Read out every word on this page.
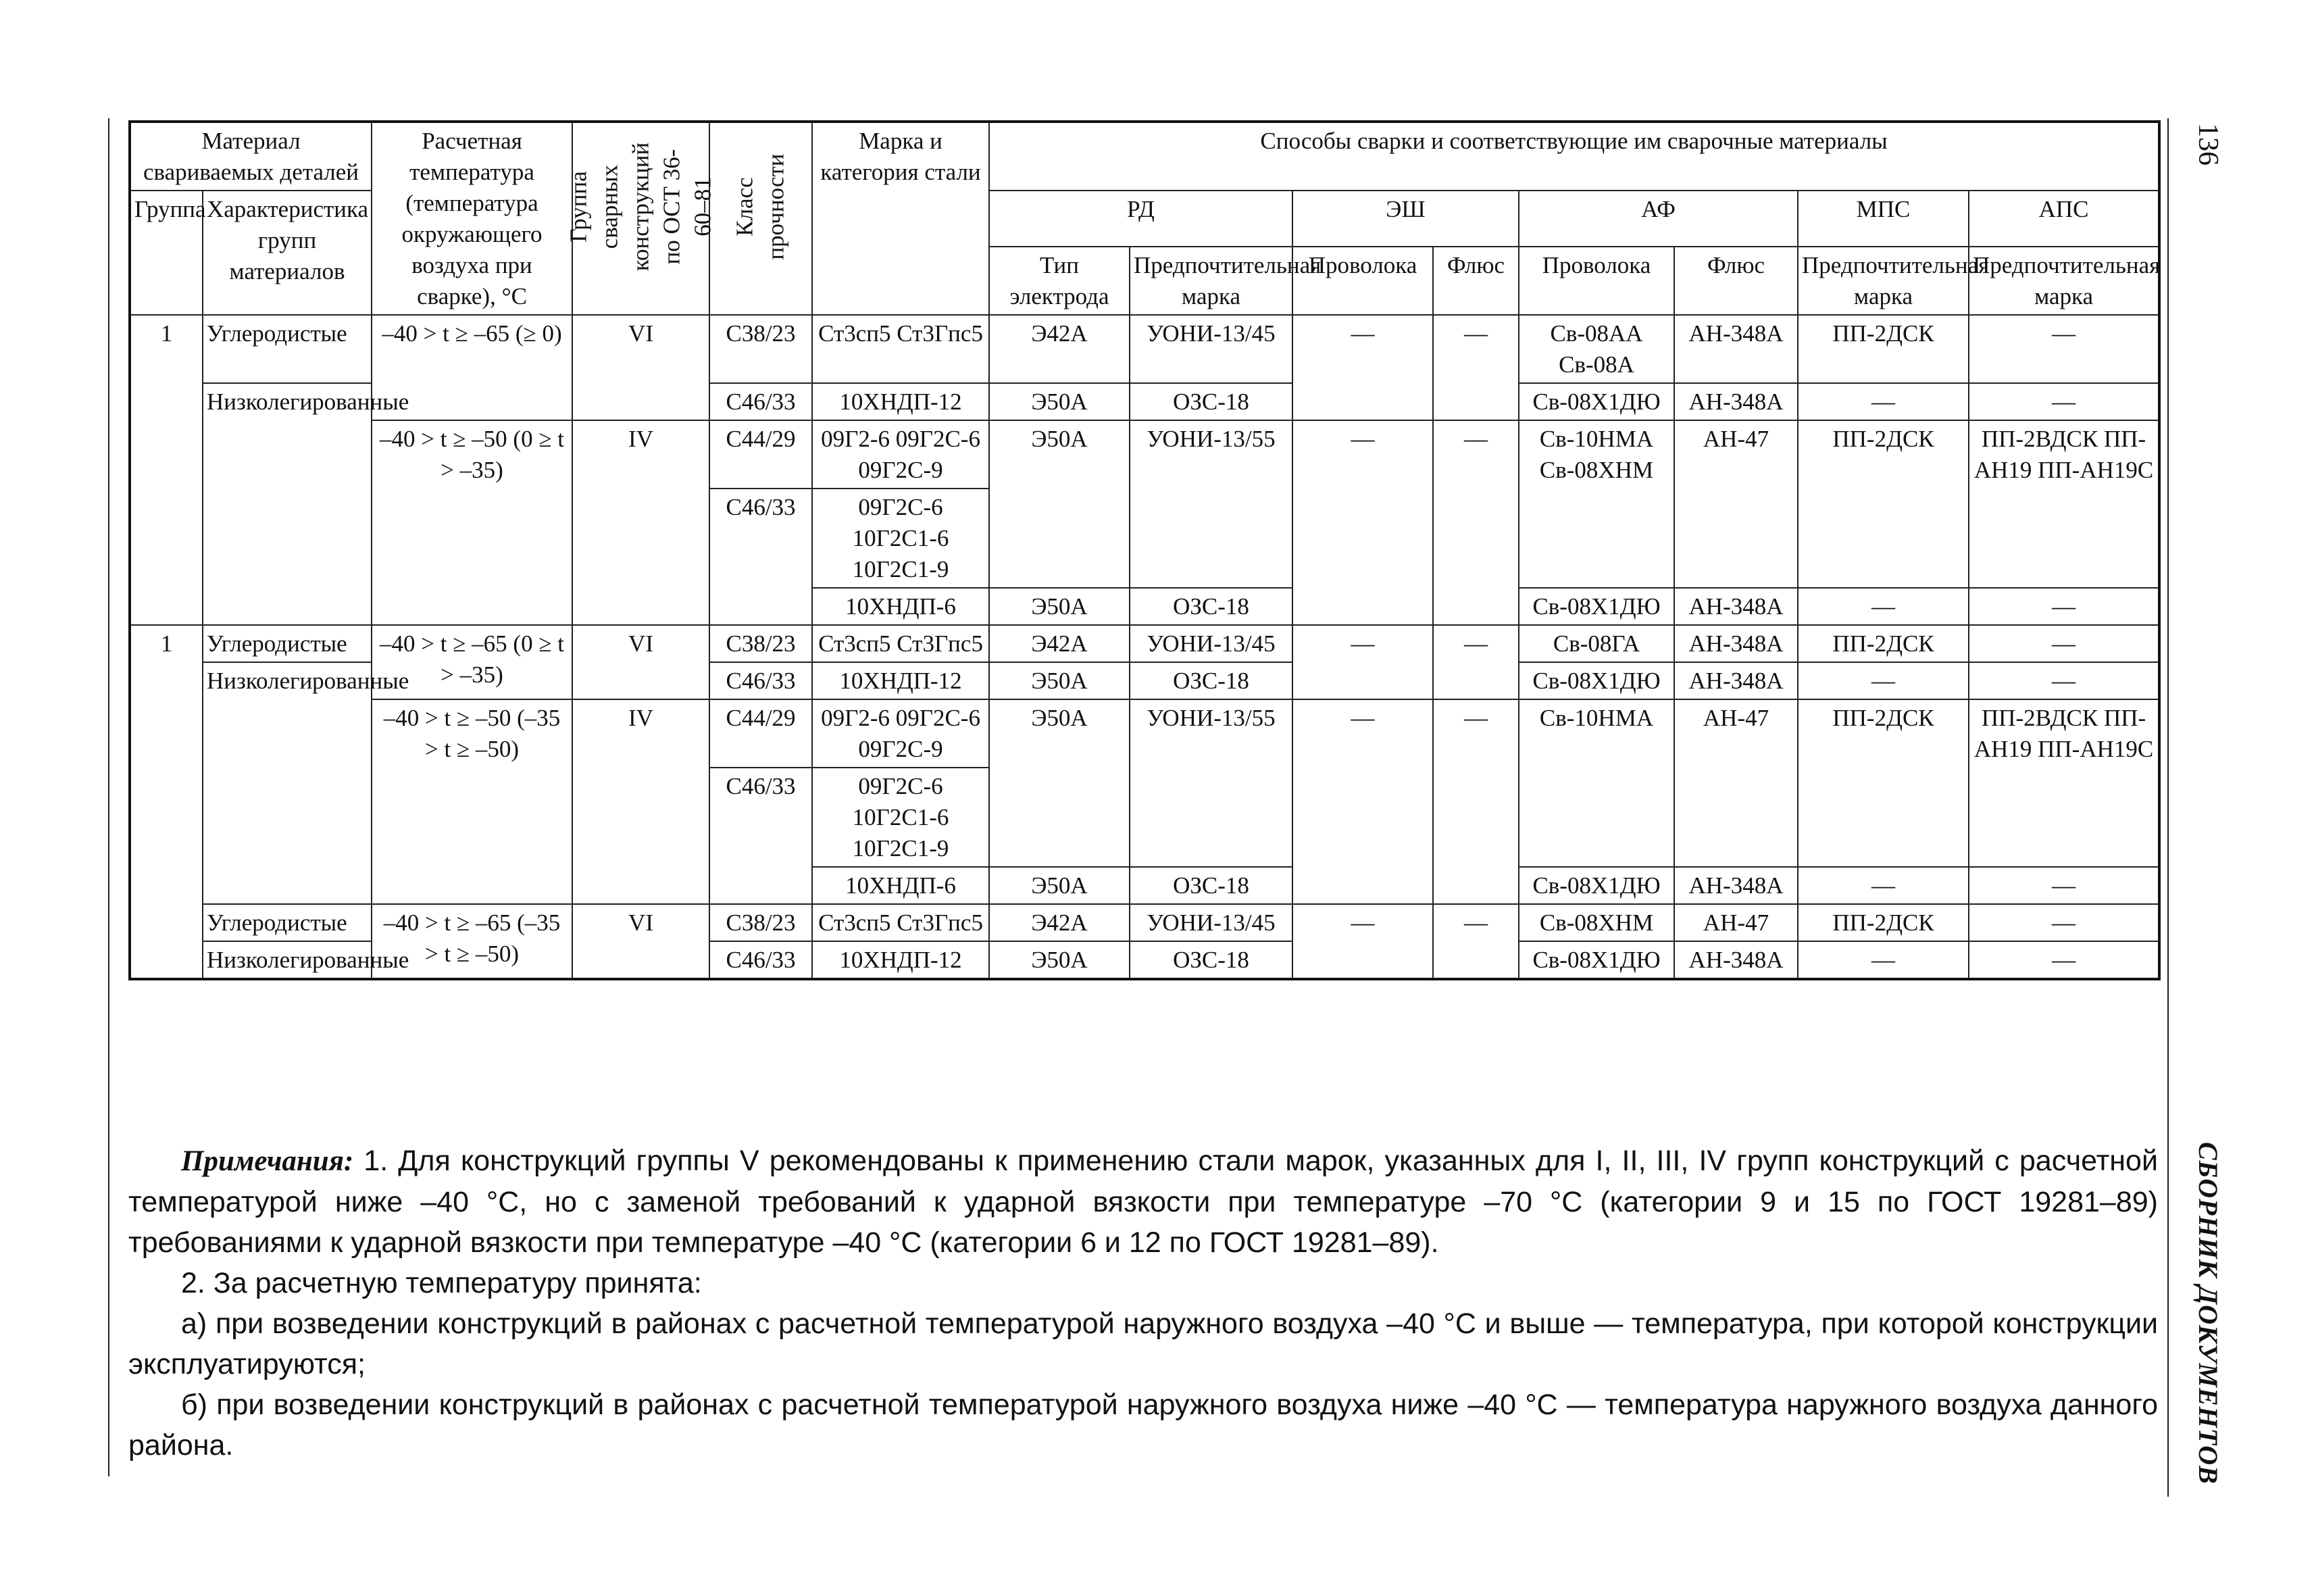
136
СБОРНИК ДОКУМЕНТОВ
Материал свариваемых деталей		Расчетная температура (температура окружающего воздуха при сварке), °С	Группа сварных конструкций по ОСТ 36-60–81	Класс прочности	Марка и категория стали	Способы сварки и соответствующие им сварочные материалы							
Группа	Характеристика групп материалов					РД		ЭШ		АФ		МПС	АПС
						Тип электрода	Предпочтительная марка	Проволока	Флюс	Проволока	Флюс	Предпочтительная марка	Предпочтительная марка
1	Углеродистые	–40 > t ≥ –65 (≥ 0)	VI	С38/23	Ст3сп5 Ст3Гпс5	Э42А	УОНИ-13/45	—	—	Св-08АА Св-08А	АН-348А	ПП-2ДСК	—
	Низколегированные			С46/33	10ХНДП-12	Э50А	ОЗС-18			Св-08Х1ДЮ	АН-348А	—	—
		–40 > t ≥ –50 (0 ≥ t > –35)	IV	С44/29	09Г2-6 09Г2С-6 09Г2С-9	Э50А	УОНИ-13/55	—	—	Св-10НМА Св-08ХНМ	АН-47	ПП-2ДСК	ПП-2ВДСК ПП-АН19 ПП-АН19С
				С46/33	09Г2С-6 10Г2С1-6 10Г2С1-9								
					10ХНДП-6	Э50А	ОЗС-18			Св-08Х1ДЮ	АН-348А	—	—
1	Углеродистые	–40 > t ≥ –65 (0 ≥ t > –35)	VI	С38/23	Ст3сп5 Ст3Гпс5	Э42А	УОНИ-13/45	—	—	Св-08ГА	АН-348А	ПП-2ДСК	—
	Низколегированные			С46/33	10ХНДП-12	Э50А	ОЗС-18			Св-08Х1ДЮ	АН-348А	—	—
		–40 > t ≥ –50 (–35 > t ≥ –50)	IV	С44/29	09Г2-6 09Г2С-6 09Г2С-9	Э50А	УОНИ-13/55	—	—	Св-10НМА	АН-47	ПП-2ДСК	ПП-2ВДСК ПП-АН19 ПП-АН19С
				С46/33	09Г2С-6 10Г2С1-6 10Г2С1-9								
					10ХНДП-6	Э50А	ОЗС-18			Св-08Х1ДЮ	АН-348А	—	—
	Углеродистые	–40 > t ≥ –65 (–35 > t ≥ –50)	VI	С38/23	Ст3сп5 Ст3Гпс5	Э42А	УОНИ-13/45	—	—	Св-08ХНМ	АН-47	ПП-2ДСК	—
	Низколегированные			С46/33	10ХНДП-12	Э50А	ОЗС-18			Св-08Х1ДЮ	АН-348А	—	—

Примечания: 1. Для конструкций группы V рекомендованы к применению стали марок, указанных для I, II, III, IV групп конструкций с расчетной температурой ниже –40 °С, но с заменой требований к ударной вязкости при температуре –70 °С (категории 9 и 15 по ГОСТ 19281–89) требованиями к ударной вязкости при температуре –40 °С (категории 6 и 12 по ГОСТ 19281–89).

2. За расчетную температуру принята:

а) при возведении конструкций в районах с расчетной температурой наружного воздуха –40 °С и выше — температура, при которой конструкции эксплуатируются;

б) при возведении конструкций в районах с расчетной температурой наружного воздуха ниже –40 °С — температура наружного воздуха данного района.
